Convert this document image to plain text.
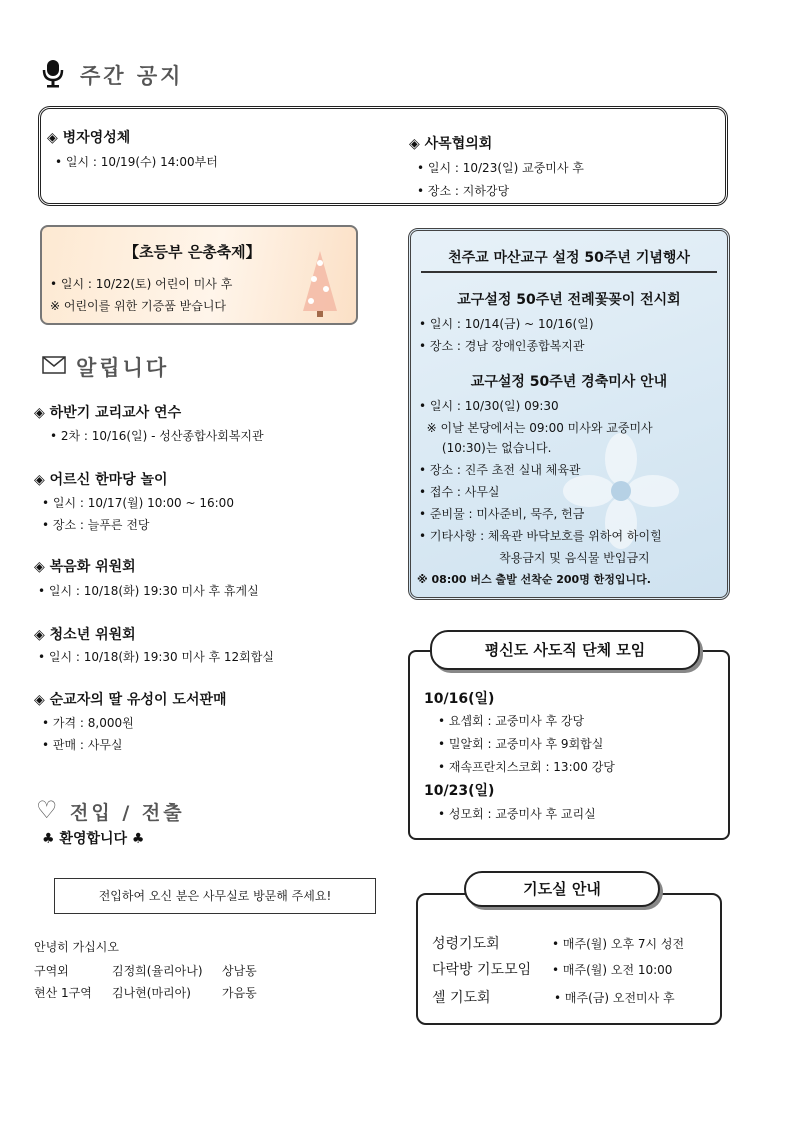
주간 공지
◈ 병자영성체
• 일시 : 10/19(수) 14:00부터
◈ 사목협의회
• 일시 : 10/23(일) 교중미사 후
• 장소 : 지하강당
【초등부 은총축제】
• 일시 : 10/22(토) 어린이 미사 후
※ 어린이를 위한 기증품 받습니다
알립니다
◈ 하반기 교리교사 연수
• 2차 : 10/16(일) - 성산종합사회복지관
◈ 어르신 한마당 놀이
• 일시 : 10/17(월) 10:00 ~ 16:00
• 장소 : 늘푸른 전당
◈ 복음화 위원회
• 일시 : 10/18(화) 19:30 미사 후 휴게실
◈ 청소년 위원회
• 일시 : 10/18(화) 19:30 미사 후 12회합실
◈ 순교자의 딸 유성이 도서판매
• 가격 : 8,000원
• 판매 : 사무실
천주교 마산교구 설정 50주년 기념행사
교구설정 50주년 전례꽃꽂이 전시회
• 일시 : 10/14(금) ~ 10/16(일)
• 장소 : 경남 장애인종합복지관
교구설정 50주년 경축미사 안내
• 일시 : 10/30(일) 09:30
※ 이날 본당에서는 09:00 미사와 교중미사
(10:30)는 없습니다.
• 장소 : 진주 초전 실내 체육관
• 접수 : 사무실
• 준비물 : 미사준비, 묵주, 헌금
• 기타사항 : 체육관 바닥보호를 위하여 하이힐
착용금지 및 음식물 반입금지
※ 08:00 버스 출발 선착순 200명 한정입니다.
10/16(일)
• 요셉회 : 교중미사 후 강당
• 밀알회 : 교중미사 후 9회합실
• 재속프란치스코회 : 13:00 강당
10/23(일)
• 성모회 : 교중미사 후 교리실
평신도 사도직 단체 모임
♡ 전입 / 전출
♣ 환영합니다 ♣
전입하여 오신 분은 사무실로 방문해 주세요!
안녕히 가십시오
구역외	김정희(율리아나) 상남동
현산 1구역 김나현(마리아)	가음동
성령기도회	• 매주(월) 오후 7시 성전
다락방 기도모임 • 매주(월) 오전 10:00
셀 기도회	• 매주(금) 오전미사 후
기도실 안내
